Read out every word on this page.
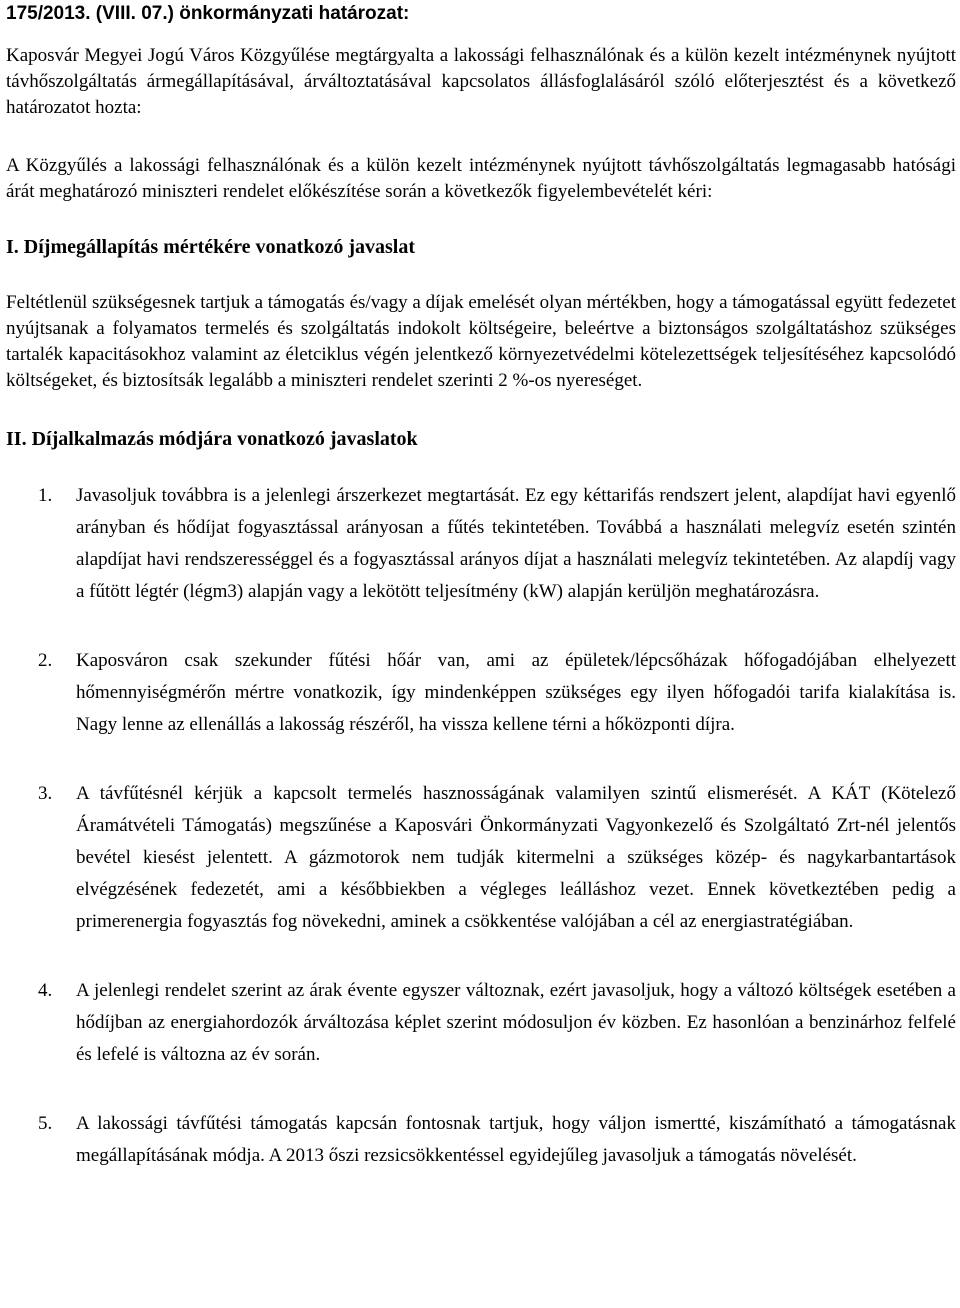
175/2013. (VIII. 07.) önkormányzati határozat:

Kaposvár Megyei Jogú Város Közgyűlése megtárgyalta a lakossági felhasználónak és a külön kezelt intézménynek nyújtott távhőszolgáltatás ármegállapításával, árváltoztatásával kapcsolatos állásfoglalásáról szóló előterjesztést és a következő határozatot hozta:

A Közgyűlés a lakossági felhasználónak és a külön kezelt intézménynek nyújtott távhőszolgáltatás legmagasabb hatósági árát meghatározó miniszteri rendelet előkészítése során a következők figyelembevételét kéri:

I. Díjmegállapítás mértékére vonatkozó javaslat

Feltétlenül szükségesnek tartjuk a támogatás és/vagy a díjak emelését olyan mértékben, hogy a támogatással együtt fedezetet nyújtsanak a folyamatos termelés és szolgáltatás indokolt költségeire, beleértve a biztonságos szolgáltatáshoz szükséges tartalék kapacitásokhoz valamint az életciklus végén jelentkező környezetvédelmi kötelezettségek teljesítéséhez kapcsolódó költségeket, és biztosítsák legalább a miniszteri rendelet szerinti 2 %-os nyereséget.

II. Díjalkalmazás módjára vonatkozó javaslatok
1. Javasoljuk továbbra is a jelenlegi árszerkezet megtartását. Ez egy kéttarifás rendszert jelent, alapdíjat havi egyenlő arányban és hődíjat fogyasztással arányosan a fűtés tekintetében. Továbbá a használati melegvíz esetén szintén alapdíjat havi rendszerességgel és a fogyasztással arányos díjat a használati melegvíz tekintetében. Az alapdíj vagy a fűtött légtér (légm3) alapján vagy a lekötött teljesítmény (kW) alapján kerüljön meghatározásra.
2. Kaposváron csak szekunder fűtési hőár van, ami az épületek/lépcsőházak hőfogadójában elhelyezett hőmennyiségmérőn mértre vonatkozik, így mindenképpen szükséges egy ilyen hőfogadói tarifa kialakítása is. Nagy lenne az ellenállás a lakosság részéről, ha vissza kellene térni a hőközponti díjra.
3. A távfűtésnél kérjük a kapcsolt termelés hasznosságának valamilyen szintű elismerését. A KÁT (Kötelező Áramátvételi Támogatás) megszűnése a Kaposvári Önkormányzati Vagyonkezelő és Szolgáltató Zrt-nél jelentős bevétel kiesést jelentett. A gázmotorok nem tudják kitermelni a szükséges közép- és nagykarbantartások elvégzésének fedezetét, ami a későbbiekben a végleges leálláshoz vezet. Ennek következtében pedig a primerenergia fogyasztás fog növekedni, aminek a csökkentése valójában a cél az energiastratégiában.
4. A jelenlegi rendelet szerint az árak évente egyszer változnak, ezért javasoljuk, hogy a változó költségek esetében a hődíjban az energiahordozók árváltozása képlet szerint módosuljon év közben. Ez hasonlóan a benzinárhoz felfelé és lefelé is változna az év során.
5. A lakossági távfűtési támogatás kapcsán fontosnak tartjuk, hogy váljon ismertté, kiszámítható a támogatásnak megállapításának módja. A 2013 őszi rezsicsökkentéssel egyidejűleg javasoljuk a támogatás növelését.
